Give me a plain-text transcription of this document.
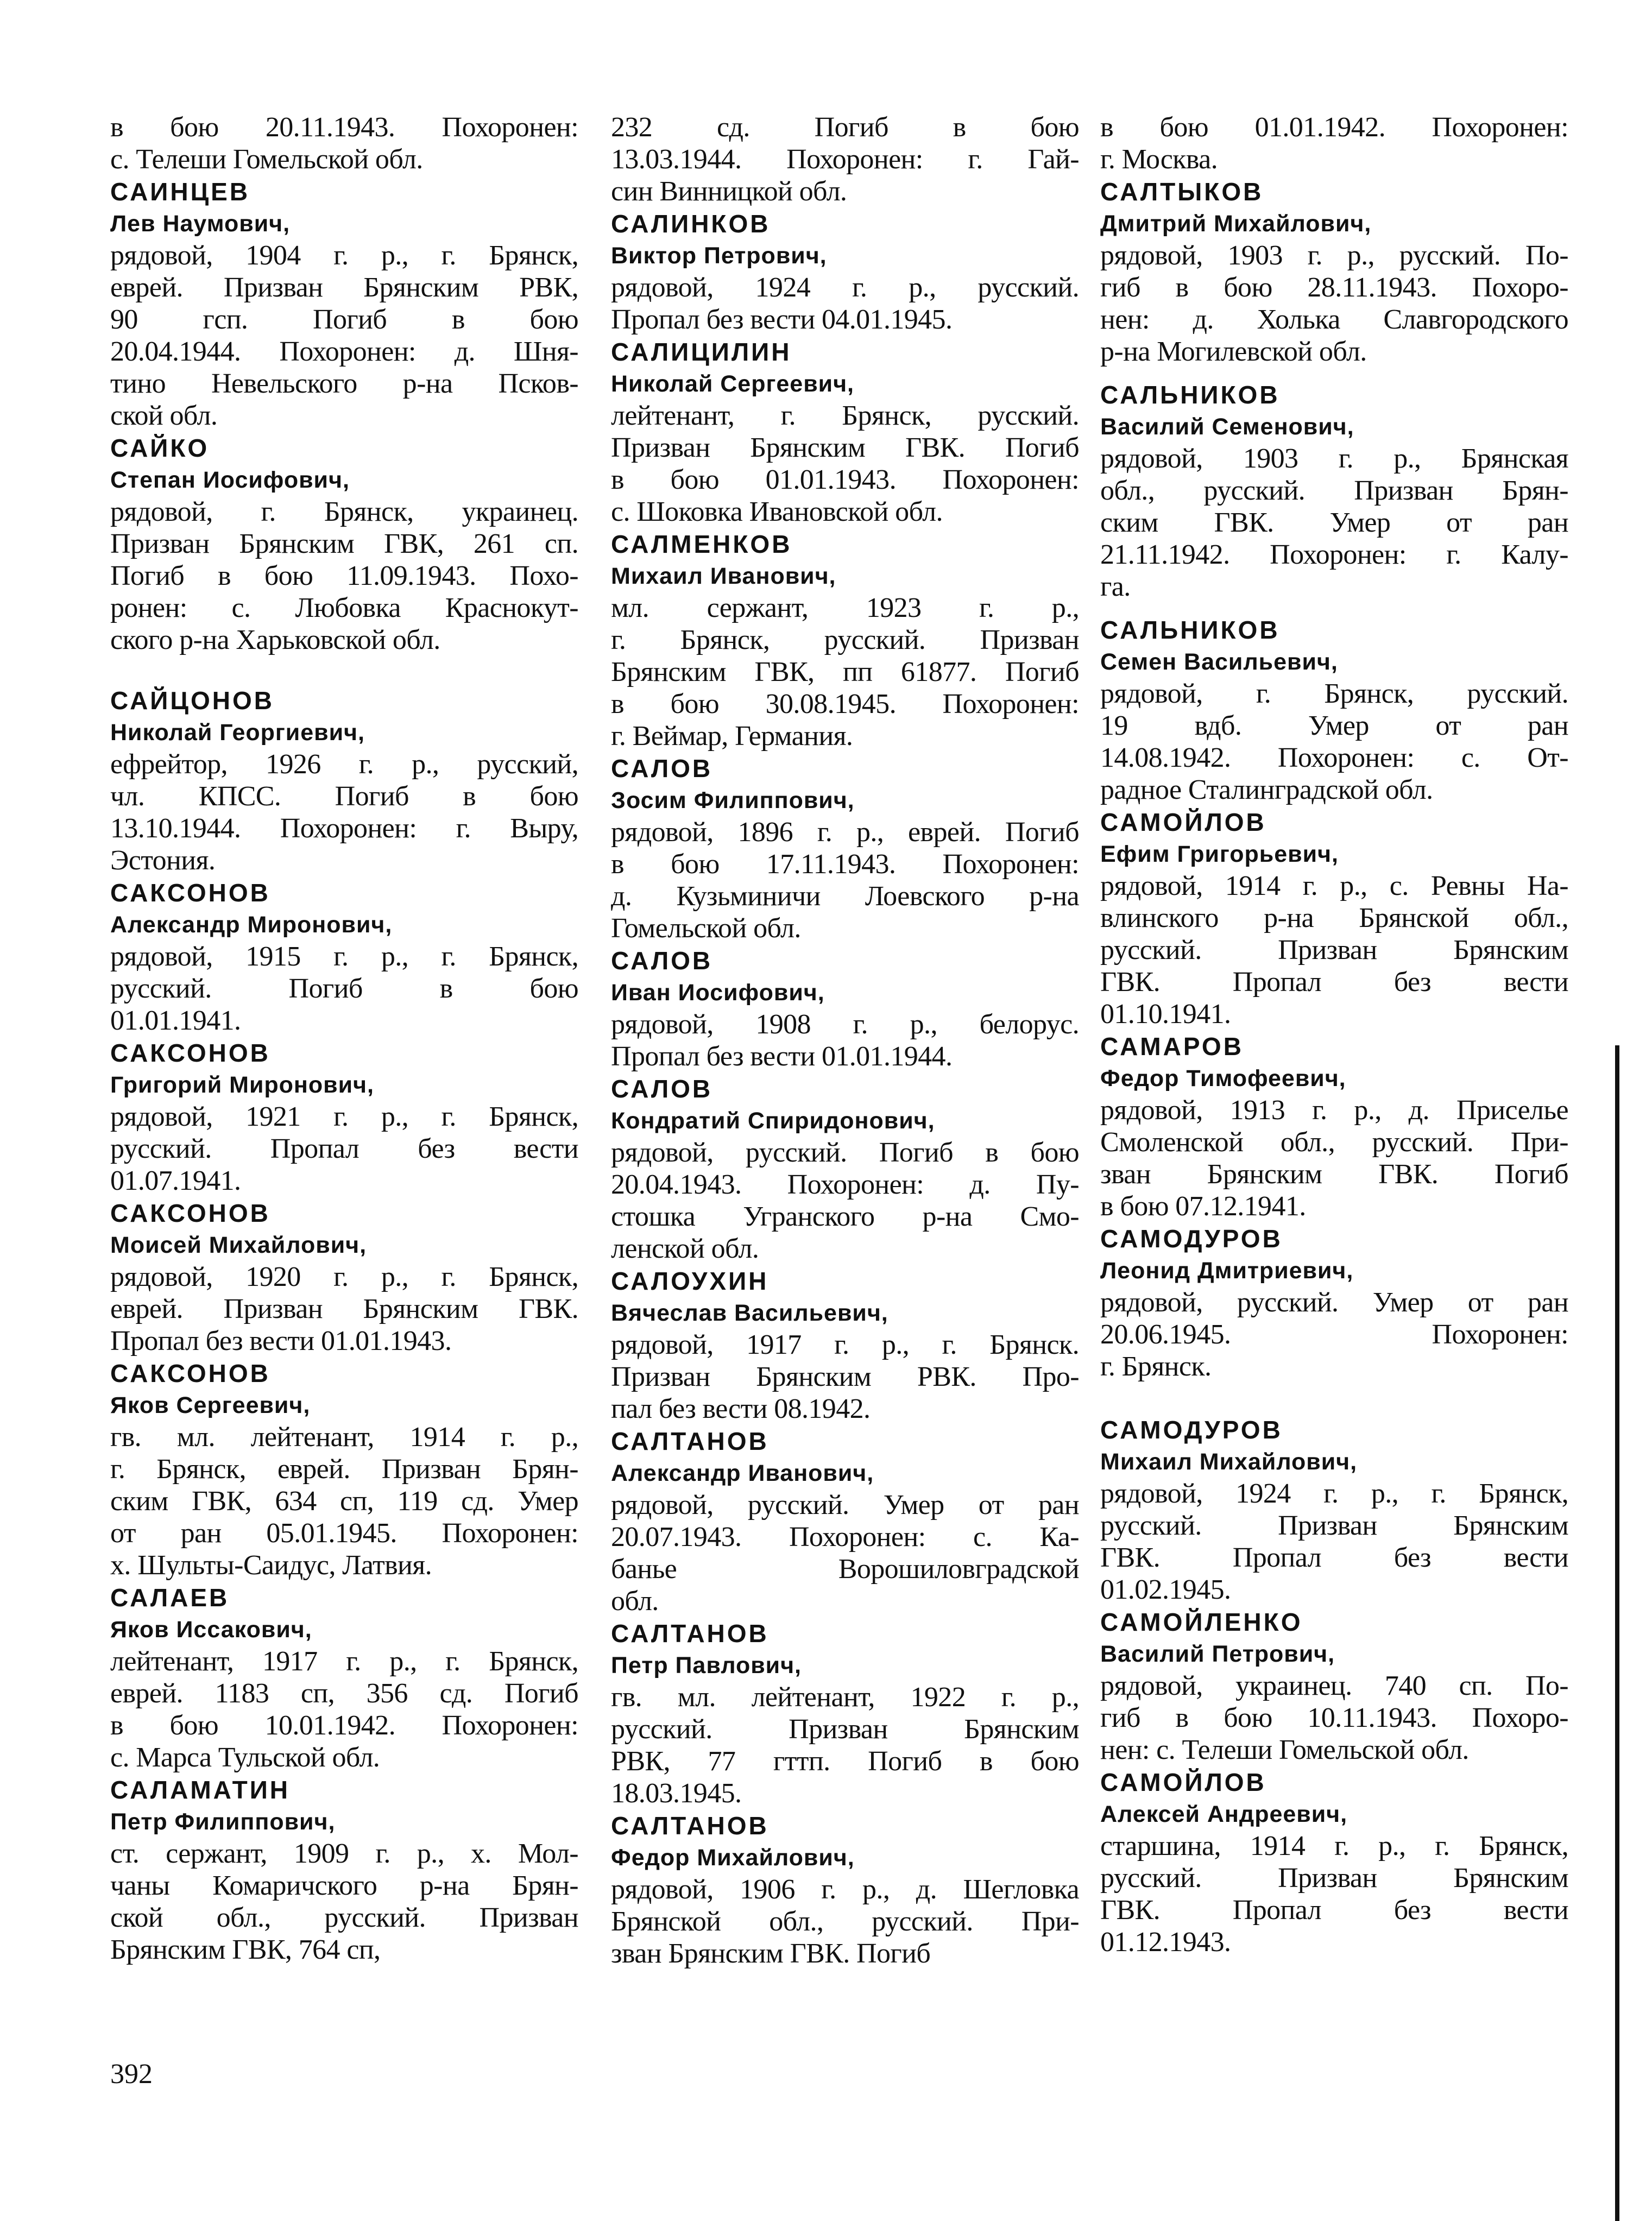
в бою 20.11.1943. Похоронен:
с. Телеши Гомельской обл.
САИНЦЕВ
Лев Наумович,
рядовой, 1904 г. р., г. Брянск,
еврей. Призван Брянским РВК,
90 гсп. Погиб в бою
20.04.1944. Похоронен: д. Шня-
тино Невельского р-на Псков-
ской обл.
САЙКО
Степан Иосифович,
рядовой, г. Брянск, украинец.
Призван Брянским ГВК, 261 сп.
Погиб в бою 11.09.1943. Похо-
ронен: с. Любовка Краснокут-
ского р-на Харьковской обл.
САЙЦОНОВ
Николай Георгиевич,
ефрейтор, 1926 г. р., русский,
чл. КПСС. Погиб в бою
13.10.1944. Похоронен: г. Выру,
Эстония.
САКСОНОВ
Александр Миронович,
рядовой, 1915 г. р., г. Брянск,
русский. Погиб в бою
01.01.1941.
САКСОНОВ
Григорий Миронович,
рядовой, 1921 г. р., г. Брянск,
русский. Пропал без вести
01.07.1941.
САКСОНОВ
Моисей Михайлович,
рядовой, 1920 г. р., г. Брянск,
еврей. Призван Брянским ГВК.
Пропал без вести 01.01.1943.
САКСОНОВ
Яков Сергеевич,
гв. мл. лейтенант, 1914 г. р.,
г. Брянск, еврей. Призван Брян-
ским ГВК, 634 сп, 119 сд. Умер
от ран 05.01.1945. Похоронен:
х. Шульты-Саидус, Латвия.
САЛАЕВ
Яков Иссакович,
лейтенант, 1917 г. р., г. Брянск,
еврей. 1183 сп, 356 сд. Погиб
в бою 10.01.1942. Похоронен:
с. Марса Тульской обл.
САЛАМАТИН
Петр Филиппович,
ст. сержант, 1909 г. р., х. Мол-
чаны Комаричского р-на Брян-
ской обл., русский. Призван
Брянским ГВК, 764 сп,
232 сд. Погиб в бою
13.03.1944. Похоронен: г. Гай-
син Винницкой обл.
САЛИНКОВ
Виктор Петрович,
рядовой, 1924 г. р., русский.
Пропал без вести 04.01.1945.
САЛИЦИЛИН
Николай Сергеевич,
лейтенант, г. Брянск, русский.
Призван Брянским ГВК. Погиб
в бою 01.01.1943. Похоронен:
с. Шоковка Ивановской обл.
САЛМЕНКОВ
Михаил Иванович,
мл. сержант, 1923 г. р.,
г. Брянск, русский. Призван
Брянским ГВК, пп 61877. Погиб
в бою 30.08.1945. Похоронен:
г. Веймар, Германия.
САЛОВ
Зосим Филиппович,
рядовой, 1896 г. р., еврей. Погиб
в бою 17.11.1943. Похоронен:
д. Кузьминичи Лоевского р-на
Гомельской обл.
САЛОВ
Иван Иосифович,
рядовой, 1908 г. р., белорус.
Пропал без вести 01.01.1944.
САЛОВ
Кондратий Спиридонович,
рядовой, русский. Погиб в бою
20.04.1943. Похоронен: д. Пу-
стошка Угранского р-на Смо-
ленской обл.
САЛОУХИН
Вячеслав Васильевич,
рядовой, 1917 г. р., г. Брянск.
Призван Брянским РВК. Про-
пал без вести 08.1942.
САЛТАНОВ
Александр Иванович,
рядовой, русский. Умер от ран
20.07.1943. Похоронен: с. Ка-
банье Ворошиловградской
обл.
САЛТАНОВ
Петр Павлович,
гв. мл. лейтенант, 1922 г. р.,
русский. Призван Брянским
РВК, 77 гттп. Погиб в бою
18.03.1945.
САЛТАНОВ
Федор Михайлович,
рядовой, 1906 г. р., д. Шегловка
Брянской обл., русский. При-
зван Брянским ГВК. Погиб
в бою 01.01.1942. Похоронен:
г. Москва.
САЛТЫКОВ
Дмитрий Михайлович,
рядовой, 1903 г. р., русский. По-
гиб в бою 28.11.1943. Похоро-
нен: д. Холька Славгородского
р-на Могилевской обл.
САЛЬНИКОВ
Василий Семенович,
рядовой, 1903 г. р., Брянская
обл., русский. Призван Брян-
ским ГВК. Умер от ран
21.11.1942. Похоронен: г. Калу-
га.
САЛЬНИКОВ
Семен Васильевич,
рядовой, г. Брянск, русский.
19 вдб. Умер от ран
14.08.1942. Похоронен: с. От-
радное Сталинградской обл.
САМОЙЛОВ
Ефим Григорьевич,
рядовой, 1914 г. р., с. Ревны На-
влинского р-на Брянской обл.,
русский. Призван Брянским
ГВК. Пропал без вести
01.10.1941.
САМАРОВ
Федор Тимофеевич,
рядовой, 1913 г. р., д. Приселье
Смоленской обл., русский. При-
зван Брянским ГВК. Погиб
в бою 07.12.1941.
САМОДУРОВ
Леонид Дмитриевич,
рядовой, русский. Умер от ран
20.06.1945. Похоронен:
г. Брянск.
САМОДУРОВ
Михаил Михайлович,
рядовой, 1924 г. р., г. Брянск,
русский. Призван Брянским
ГВК. Пропал без вести
01.02.1945.
САМОЙЛЕНКО
Василий Петрович,
рядовой, украинец. 740 сп. По-
гиб в бою 10.11.1943. Похоро-
нен: с. Телеши Гомельской обл.
САМОЙЛОВ
Алексей Андреевич,
старшина, 1914 г. р., г. Брянск,
русский. Призван Брянским
ГВК. Пропал без вести
01.12.1943.
392
